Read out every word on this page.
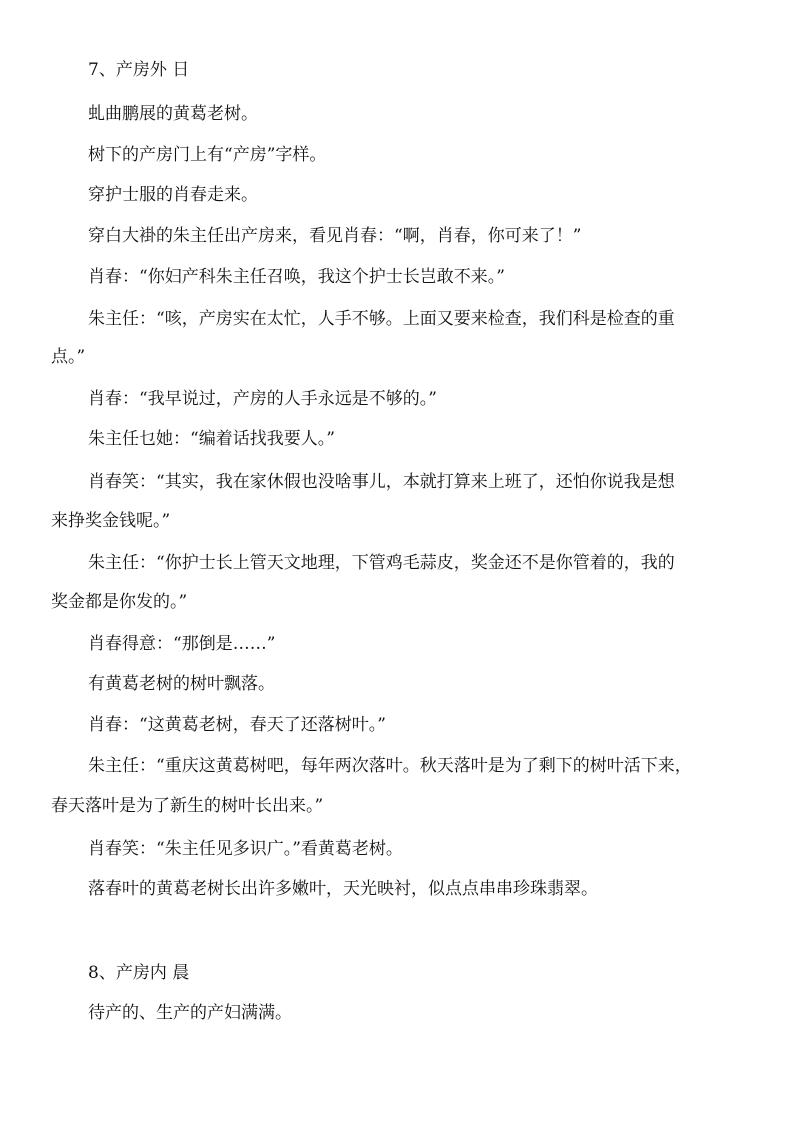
7、产房外 日
虬曲鹏展的黄葛老树。
树下的产房门上有“产房”字样。
穿护士服的肖春走来。
穿白大褂的朱主任出产房来，看见肖春：“啊，肖春，你可来了！”
肖春：“你妇产科朱主任召唤，我这个护士长岂敢不来。”
朱主任：“咳，产房实在太忙，人手不够。上面又要来检查，我们科是检查的重
点。”
肖春：“我早说过，产房的人手永远是不够的。”
朱主任乜她：“编着话找我要人。”
肖春笑：“其实，我在家休假也没啥事儿，本就打算来上班了，还怕你说我是想
来挣奖金钱呢。”
朱主任：“你护士长上管天文地理，下管鸡毛蒜皮，奖金还不是你管着的，我的
奖金都是你发的。”
肖春得意：“那倒是……”
有黄葛老树的树叶飘落。
肖春：“这黄葛老树，春天了还落树叶。”
朱主任：“重庆这黄葛树吧，每年两次落叶。秋天落叶是为了剩下的树叶活下来，
春天落叶是为了新生的树叶长出来。”
肖春笑：“朱主任见多识广。”看黄葛老树。
落春叶的黄葛老树长出许多嫩叶，天光映衬，似点点串串珍珠翡翠。
8、产房内 晨
待产的、生产的产妇满满。
